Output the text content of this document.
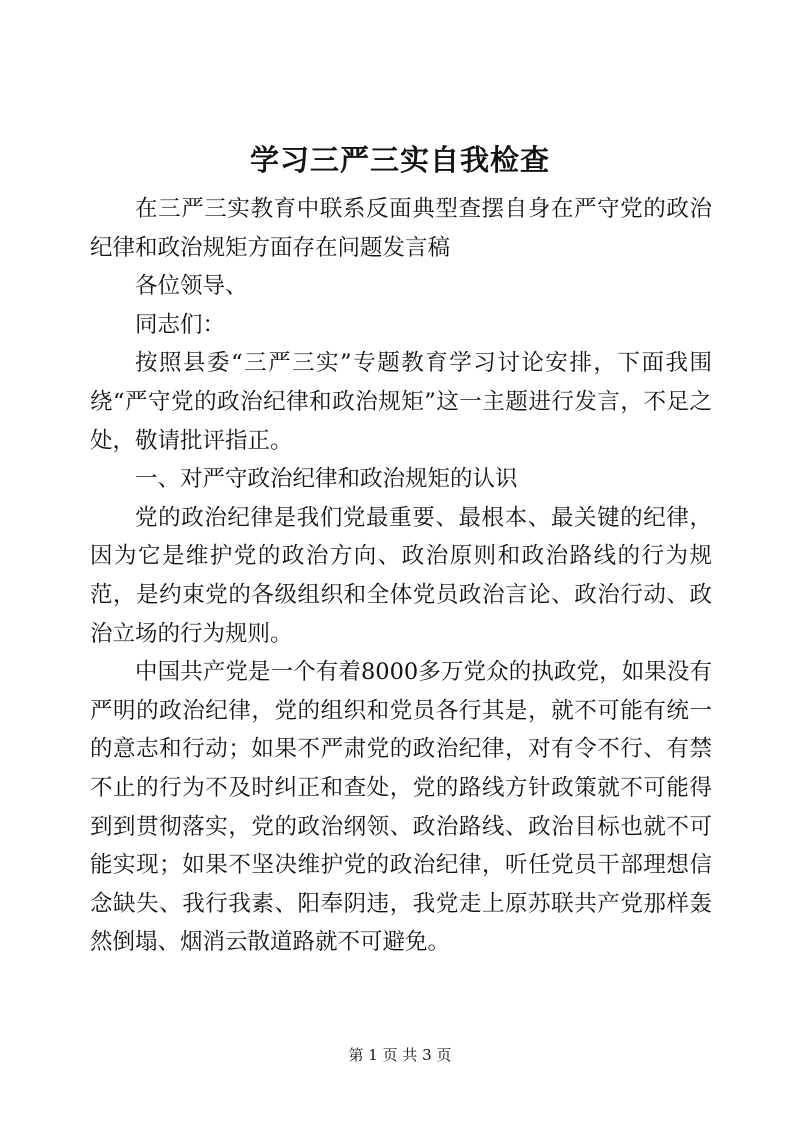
学习三严三实自我检查

在三严三实教育中联系反面典型查摆自身在严守党的政治纪律和政治规矩方面存在问题发言稿

各位领导、

同志们：

按照县委“三严三实”专题教育学习讨论安排，下面我围绕“严守党的政治纪律和政治规矩”这一主题进行发言，不足之处，敬请批评指正。

一、对严守政治纪律和政治规矩的认识

党的政治纪律是我们党最重要、最根本、最关键的纪律，因为它是维护党的政治方向、政治原则和政治路线的行为规范，是约束党的各级组织和全体党员政治言论、政治行动、政治立场的行为规则。

中国共产党是一个有着8000多万党众的执政党，如果没有严明的政治纪律，党的组织和党员各行其是，就不可能有统一的意志和行动；如果不严肃党的政治纪律，对有令不行、有禁不止的行为不及时纠正和查处，党的路线方针政策就不可能得到到贯彻落实，党的政治纲领、政治路线、政治目标也就不可能实现；如果不坚决维护党的政治纪律，听任党员干部理想信念缺失、我行我素、阳奉阴违，我党走上原苏联共产党那样轰然倒塌、烟消云散道路就不可避免。

第 1 页 共 3 页
